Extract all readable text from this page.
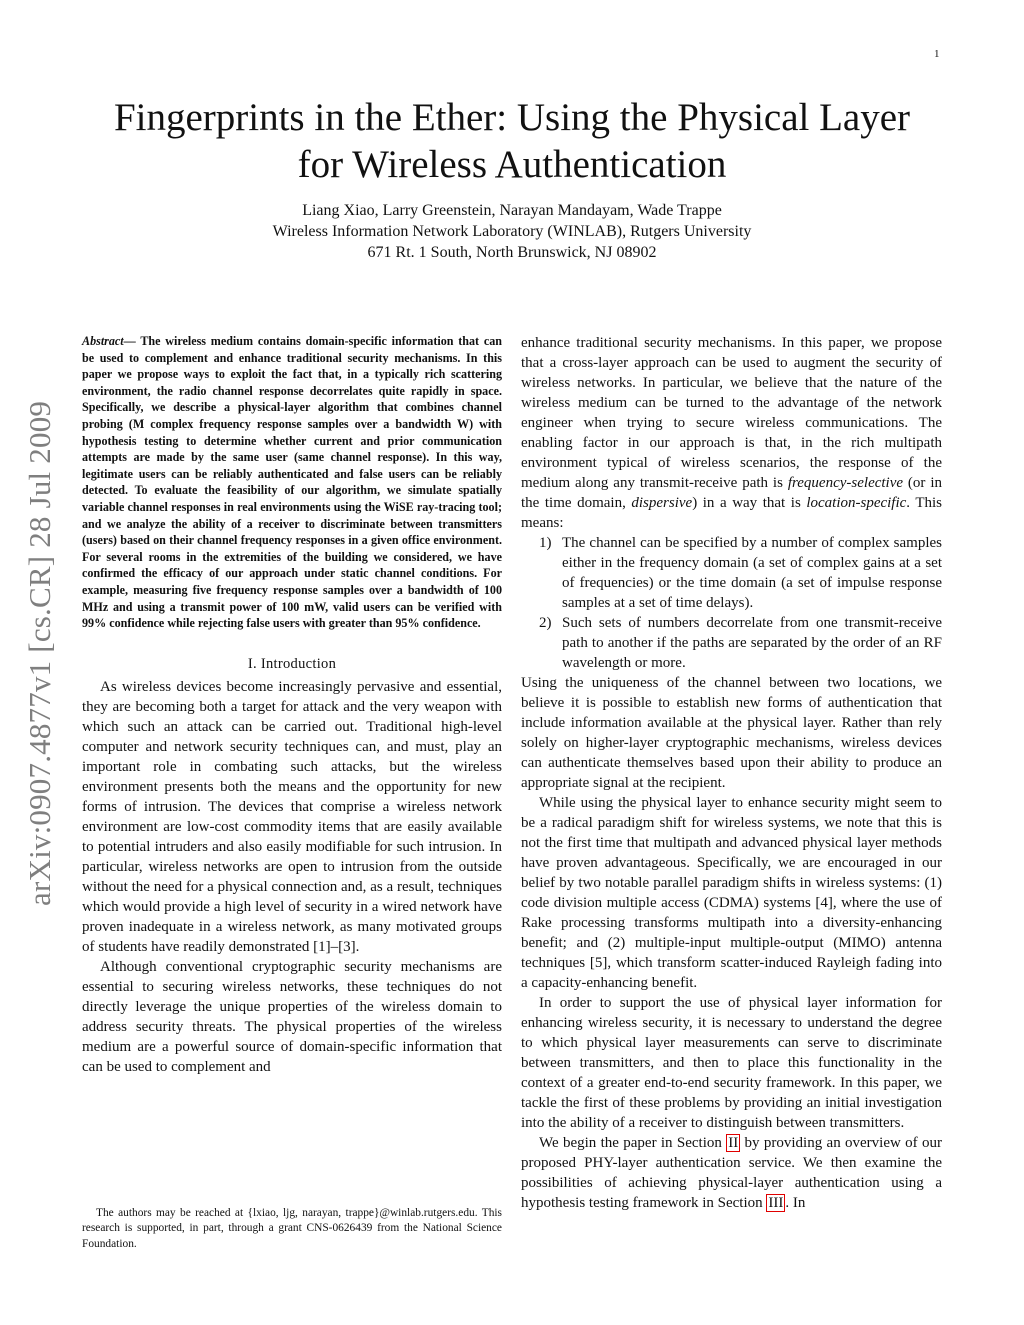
1
arXiv:0907.4877v1 [cs.CR] 28 Jul 2009
Fingerprints in the Ether: Using the Physical Layer
for Wireless Authentication
Liang Xiao, Larry Greenstein, Narayan Mandayam, Wade Trappe
Wireless Information Network Laboratory (WINLAB), Rutgers University
671 Rt. 1 South, North Brunswick, NJ 08902

Abstract— The wireless medium contains domain-specific information that can be used to complement and enhance traditional security mechanisms. In this paper we propose ways to exploit the fact that, in a typically rich scattering environment, the radio channel response decorrelates quite rapidly in space. Specifically, we describe a physical-layer algorithm that combines channel probing (M complex frequency response samples over a bandwidth W) with hypothesis testing to determine whether current and prior communication attempts are made by the same user (same channel response). In this way, legitimate users can be reliably authenticated and false users can be reliably detected. To evaluate the feasibility of our algorithm, we simulate spatially variable channel responses in real environments using the WiSE ray-tracing tool; and we analyze the ability of a receiver to discriminate between transmitters (users) based on their channel frequency responses in a given office environment. For several rooms in the extremities of the building we considered, we have confirmed the efficacy of our approach under static channel conditions. For example, measuring five frequency response samples over a bandwidth of 100 MHz and using a transmit power of 100 mW, valid users can be verified with 99% confidence while rejecting false users with greater than 95% confidence.

I. Introduction

As wireless devices become increasingly pervasive and essential, they are becoming both a target for attack and the very weapon with which such an attack can be carried out. Traditional high-level computer and network security techniques can, and must, play an important role in combating such attacks, but the wireless environment presents both the means and the opportunity for new forms of intrusion. The devices that comprise a wireless network environment are low-cost commodity items that are easily available to potential intruders and also easily modifiable for such intrusion. In particular, wireless networks are open to intrusion from the outside without the need for a physical connection and, as a result, techniques which would provide a high level of security in a wired network have proven inadequate in a wireless network, as many motivated groups of students have readily demonstrated [1]–[3].

Although conventional cryptographic security mechanisms are essential to securing wireless networks, these techniques do not directly leverage the unique properties of the wireless domain to address security threats. The physical properties of the wireless medium are a powerful source of domain-specific information that can be used to complement and

The authors may be reached at {lxiao, ljg, narayan, trappe}@winlab.rutgers.edu. This research is supported, in part, through a grant CNS-0626439 from the National Science Foundation.

enhance traditional security mechanisms. In this paper, we propose that a cross-layer approach can be used to augment the security of wireless networks. In particular, we believe that the nature of the wireless medium can be turned to the advantage of the network engineer when trying to secure wireless communications. The enabling factor in our approach is that, in the rich multipath environment typical of wireless scenarios, the response of the medium along any transmit-receive path is frequency-selective (or in the time domain, dispersive) in a way that is location-specific. This means:

1) The channel can be specified by a number of complex samples either in the frequency domain (a set of complex gains at a set of frequencies) or the time domain (a set of impulse response samples at a set of time delays).
2) Such sets of numbers decorrelate from one transmit-receive path to another if the paths are separated by the order of an RF wavelength or more.

Using the uniqueness of the channel between two locations, we believe it is possible to establish new forms of authentication that include information available at the physical layer. Rather than rely solely on higher-layer cryptographic mechanisms, wireless devices can authenticate themselves based upon their ability to produce an appropriate signal at the recipient.

While using the physical layer to enhance security might seem to be a radical paradigm shift for wireless systems, we note that this is not the first time that multipath and advanced physical layer methods have proven advantageous. Specifically, we are encouraged in our belief by two notable parallel paradigm shifts in wireless systems: (1) code division multiple access (CDMA) systems [4], where the use of Rake processing transforms multipath into a diversity-enhancing benefit; and (2) multiple-input multiple-output (MIMO) antenna techniques [5], which transform scatter-induced Rayleigh fading into a capacity-enhancing benefit.

In order to support the use of physical layer information for enhancing wireless security, it is necessary to understand the degree to which physical layer measurements can serve to discriminate between transmitters, and then to place this functionality in the context of a greater end-to-end security framework. In this paper, we tackle the first of these problems by providing an initial investigation into the ability of a receiver to distinguish between transmitters.

We begin the paper in Section II by providing an overview of our proposed PHY-layer authentication service. We then examine the possibilities of achieving physical-layer authentication using a hypothesis testing framework in Section III . In
